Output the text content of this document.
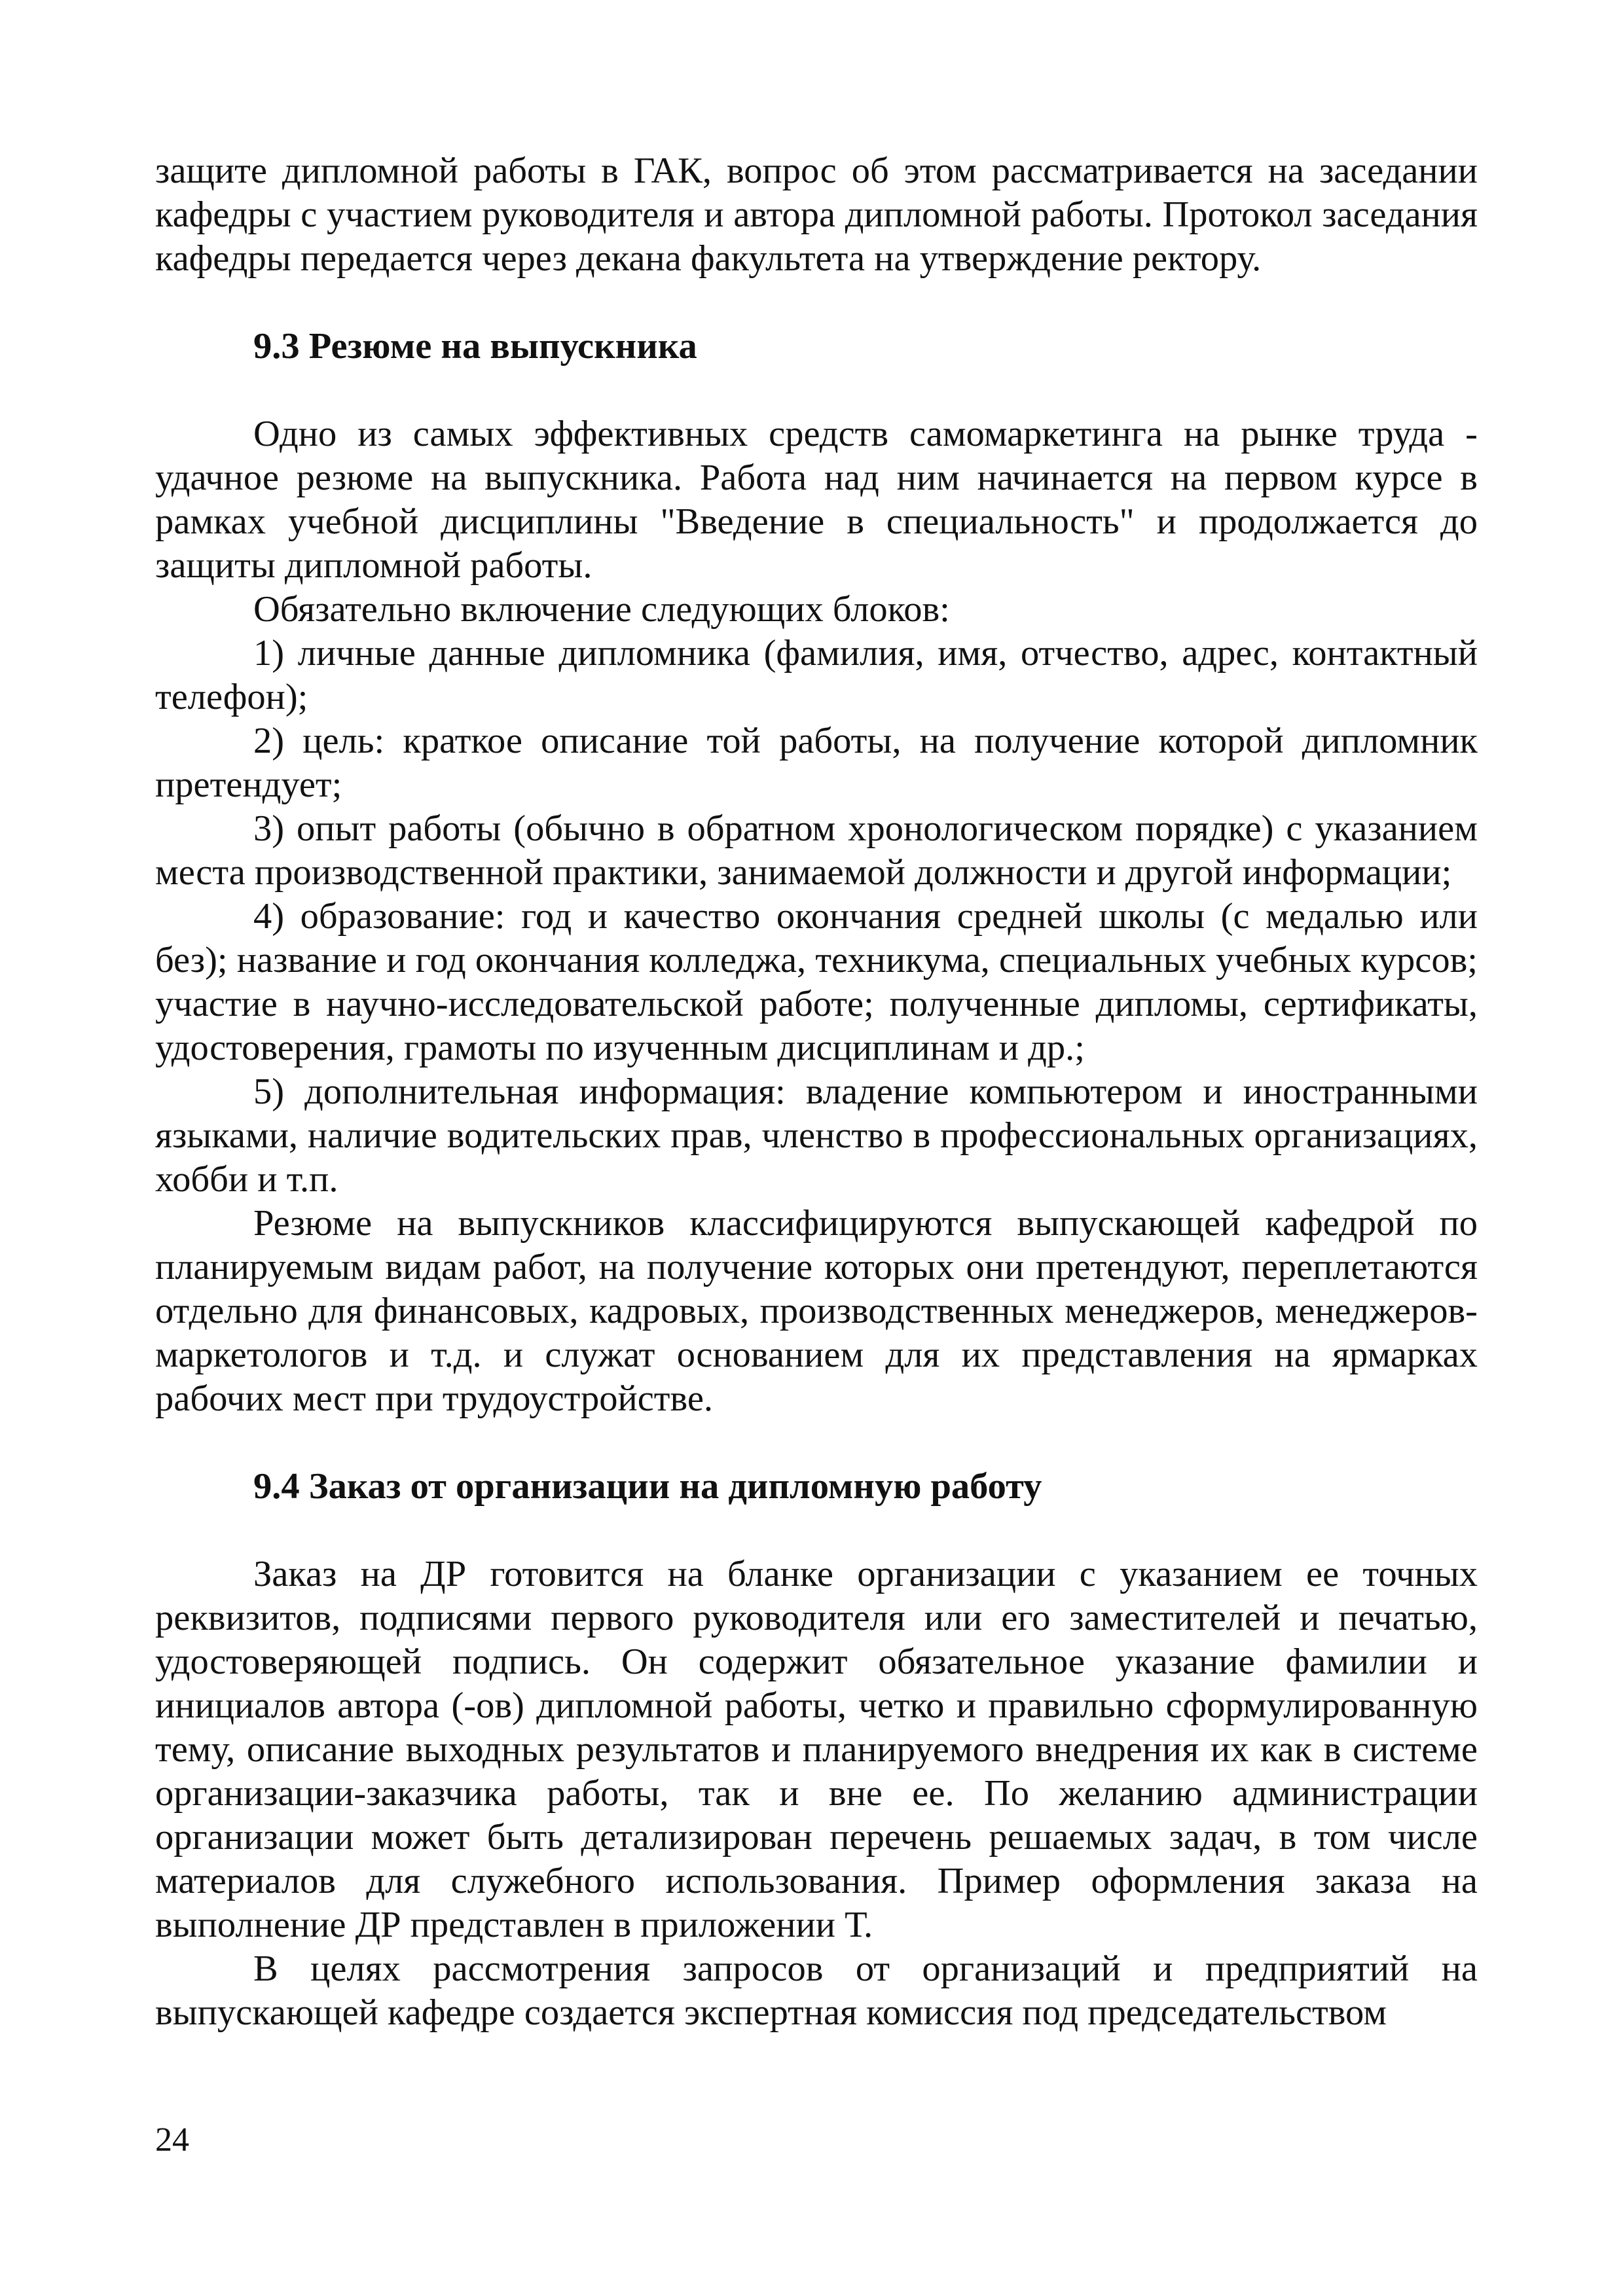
защите дипломной работы в ГАК, вопрос об этом рассматривается на заседании кафедры с участием руководителя и автора дипломной работы. Протокол заседания кафедры передается через декана факультета на утверждение ректору.

9.3 Резюме на выпускника

Одно из самых эффективных средств самомаркетинга на рынке труда - удачное резюме на выпускника. Работа над ним начинается на первом курсе в рамках учебной дисциплины "Введение в специальность" и продолжается до защиты дипломной работы.

Обязательно включение следующих блоков:

1) личные данные дипломника (фамилия, имя, отчество, адрес, контактный телефон);

2) цель: краткое описание той работы, на получение которой дипломник претендует;

3) опыт работы (обычно в обратном хронологическом порядке) с указанием места производственной практики, занимаемой должности и другой информации;

4) образование: год и качество окончания средней школы (с медалью или без); название и год окончания колледжа, техникума, специальных учебных курсов; участие в научно-исследовательской работе; полученные дипломы, сертификаты, удостоверения, грамоты по изученным дисциплинам и др.;

5) дополнительная информация: владение компьютером и иностранными языками, наличие водительских прав, членство в профессиональных организациях, хобби и т.п.

Резюме на выпускников классифицируются выпускающей кафедрой по планируемым видам работ, на получение которых они претендуют, переплетаются отдельно для финансовых, кадровых, производственных менеджеров, менеджеров-маркетологов и т.д. и служат основанием для их представления на ярмарках рабочих мест при трудоустройстве.

9.4 Заказ от организации на дипломную работу

Заказ на ДР готовится на бланке организации с указанием ее точных реквизитов, подписями первого руководителя или его заместителей и печатью, удостоверяющей подпись. Он содержит обязательное указание фамилии и инициалов автора (-ов) дипломной работы, четко и правильно сформулированную тему, описание выходных результатов и планируемого внедрения их как в системе организации-заказчика работы, так и вне ее. По желанию администрации организации может быть детализирован перечень решаемых задач, в том числе материалов для служебного использования. Пример оформления заказа на выполнение ДР представлен в приложении Т.

В целях рассмотрения запросов от организаций и предприятий на выпускающей кафедре создается экспертная комиссия под председательством

24
